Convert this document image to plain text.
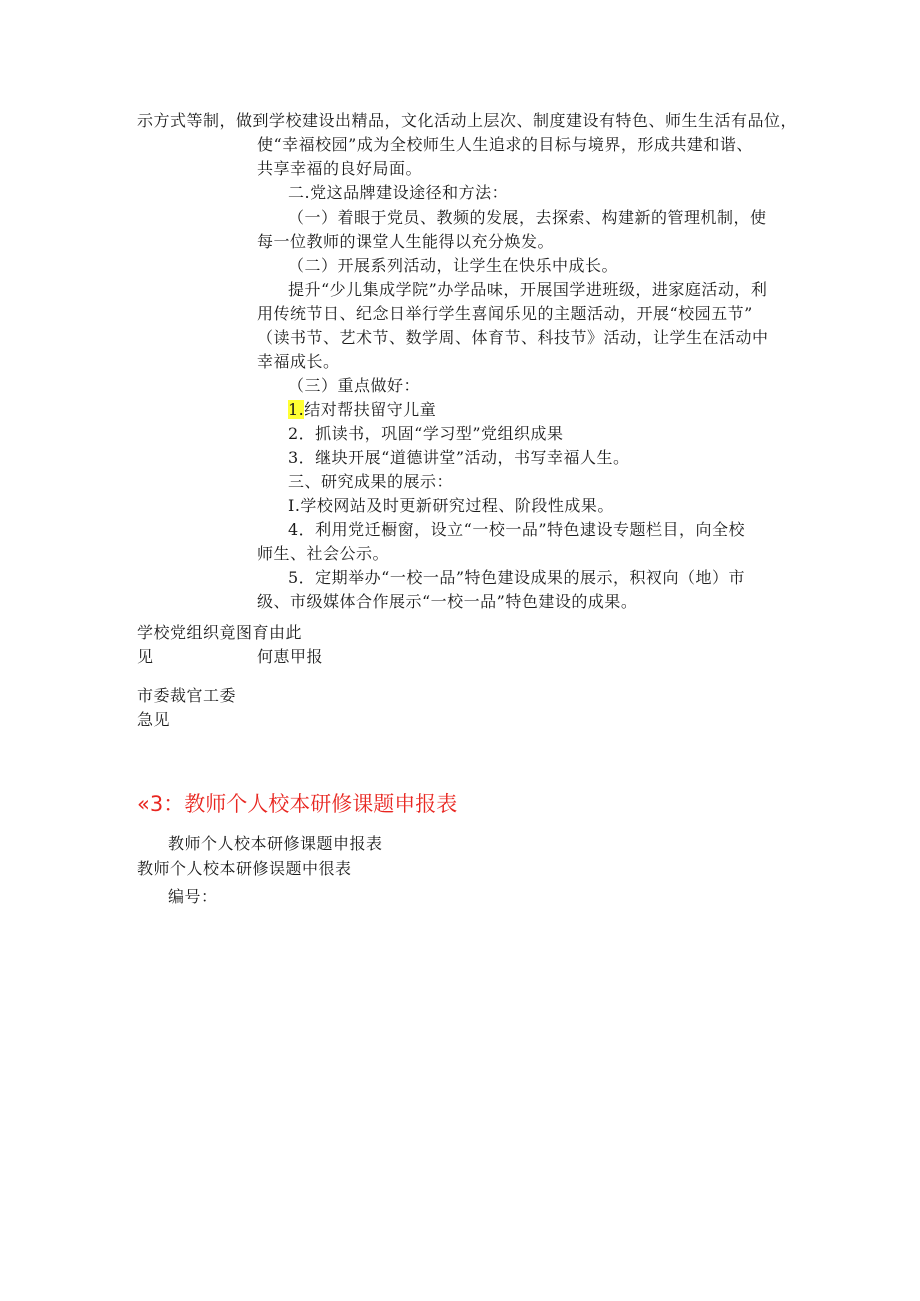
示方式等制，做到学校建设出精品，文化活动上层次、制度建设有特色、师生生活有品位，
使“幸福校园”成为全校师生人生追求的目标与境界，形成共建和谐、
共享幸福的良好局面。
二.党这品牌建设途径和方法：
（一）着眼于党员、教频的发展，去探索、构建新的管理机制，使
每一位教师的课堂人生能得以充分焕发。
（二）开展系列活动，让学生在快乐中成长。
提升“少儿集成学院”办学品味，开展国学进班级，进家庭活动，利
用传统节日、纪念日举行学生喜闻乐见的主题活动，开展“校园五节”
（读书节、艺术节、数学周、体育节、科技节》活动，让学生在活动中
幸福成长。
（三）重点做好：
1.结对帮扶留守儿童
2．抓读书，巩固“学习型”党组织成果
3．继块开展“道德讲堂”活动，书写幸福人生。
三、研究成果的展示：
I.学校网站及时更新研究过程、阶段性成果。
4．利用党迁橱窗，设立“一校一品”特色逮设专题栏目，向全校
师生、社会公示。
5．定期举办“一校一品”特色建设成果的展示，积衩向（地）市
级、市级媒体合作展示“一校一品”特色建设的成果。
学校党组织竟图育由此
见	何恵甲报
市委裁官工委
急见
«3：教师个人校本研修课题申报表
教师个人校本研修课题申报表
教师个人校本研修误题中很表
编号：
